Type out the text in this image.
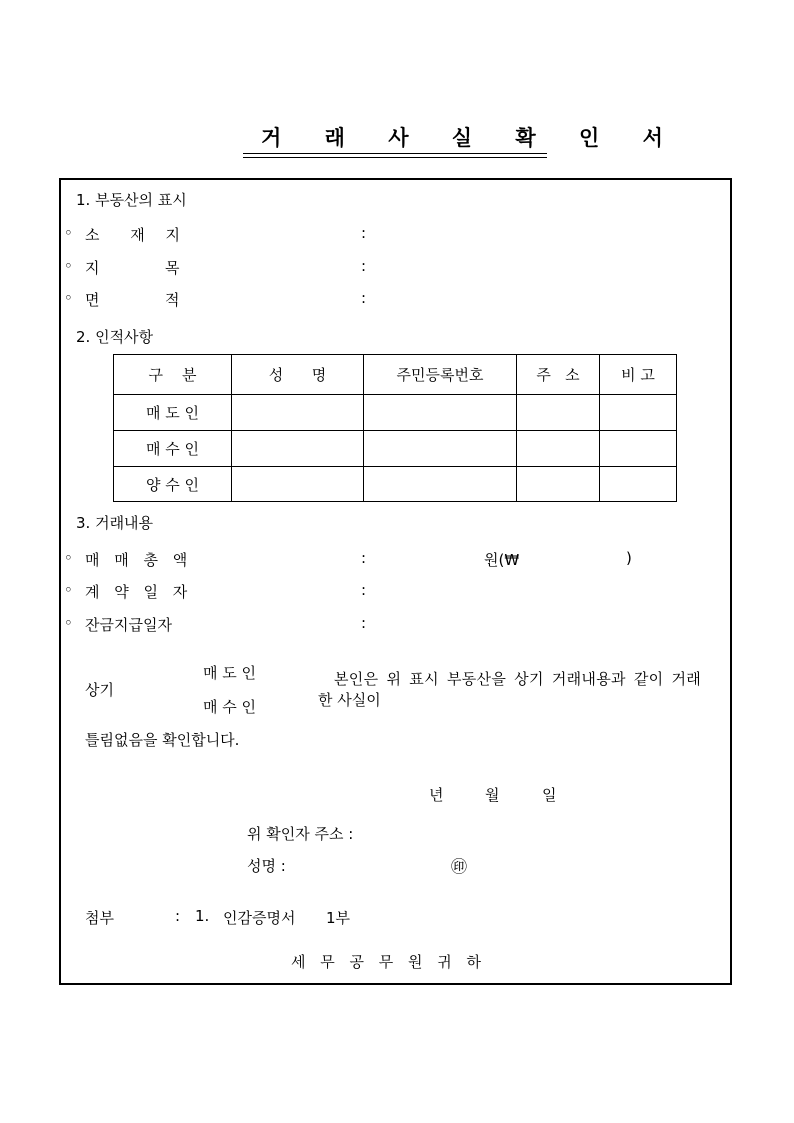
거 래 사 실 확 인 서
1. 부동산의 표시
◦ 소 재 지	:
◦ 지	목	:
◦ 면	적	:
2. 인적사항
구    분	성      명	주민등록번호	주   소	비 고
매 도 인				
매 수 인				
양 수 인				
3. 거래내용
◦ 매 매 총 액	:	원(₩	)
◦ 계 약 일 자	:
◦ 잔금지급일자	:
상기
매 도 인
매 수 인
본인은 위 표시 부동산을 상기 거래내용과 같이 거래
한 사실이
틀림없음을 확인합니다.
년	월	일
위 확인자 주소 :
성명 :	㊞
첨부	: 1. 인감증명서 1부
세 무 공 무 원 귀 하
